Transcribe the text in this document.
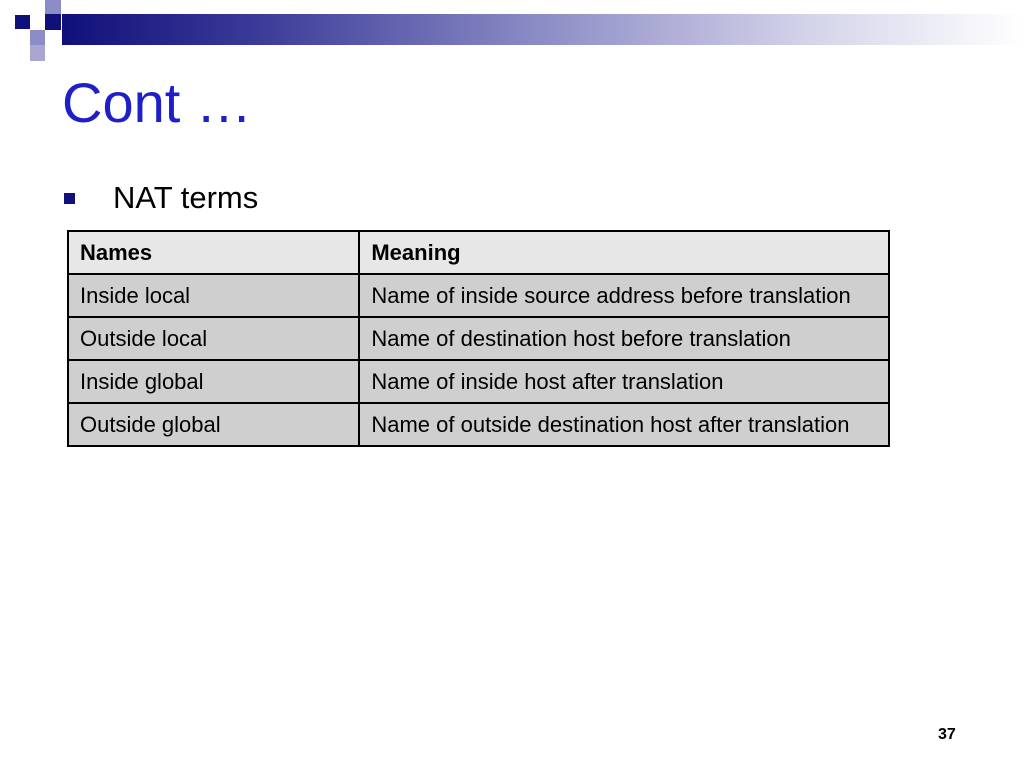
Cont …
NAT terms
Names	Meaning
Inside local	Name of inside source address before translation
Outside local	Name of destination host before translation
Inside global	Name of inside host after translation
Outside global	Name of outside destination host after translation
37
